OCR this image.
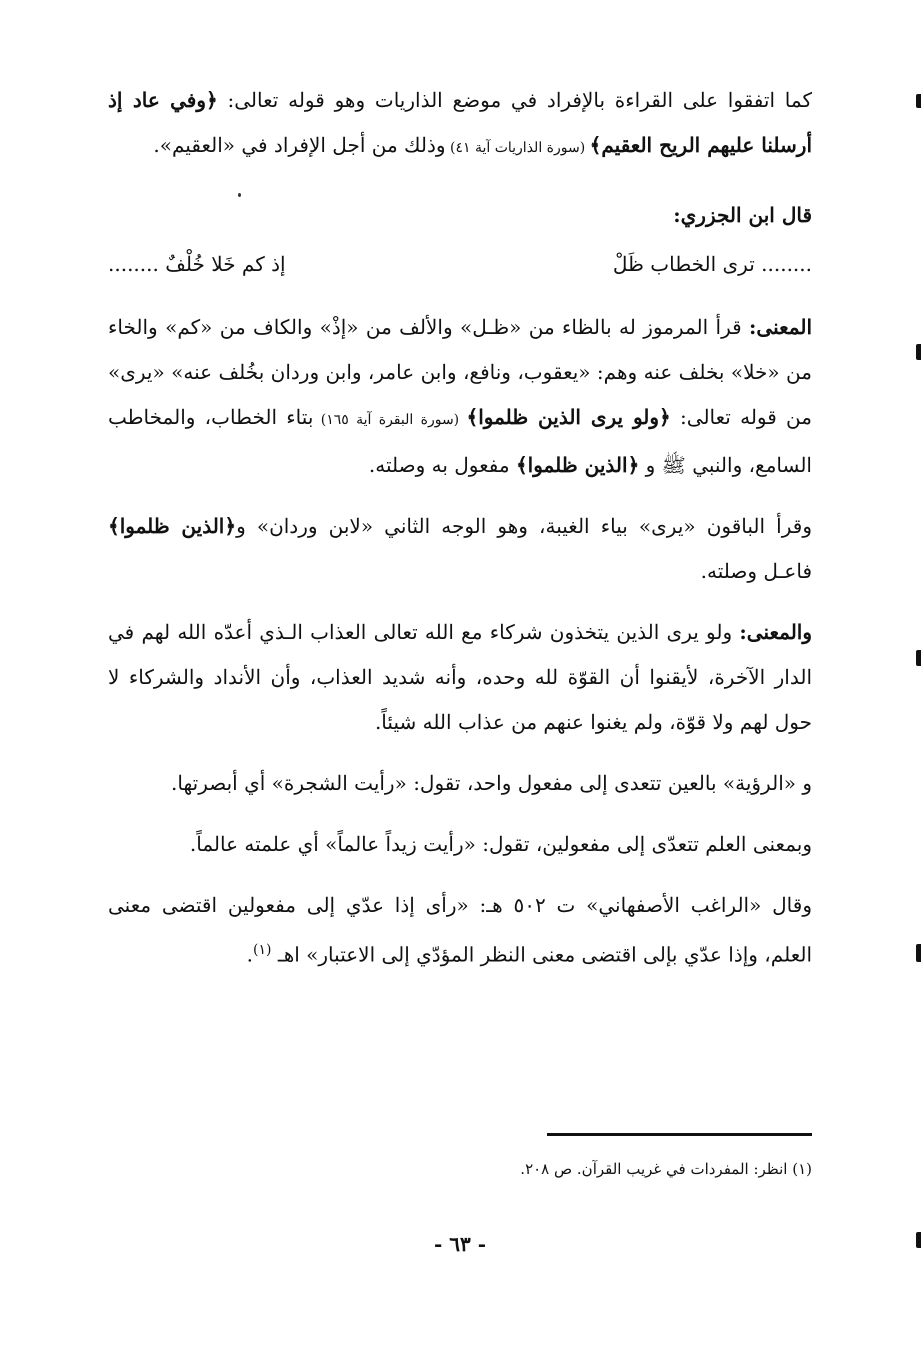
كما اتفقوا على القراءة بالإفراد في موضع الذاريات وهو قوله تعالى: ﴿وفي عاد إذ أرسلنا عليهم الريح العقيم﴾ (سورة الذاريات آية ٤١) وذلك من أجل الإفراد في «العقيم».

قال ابن الجزري:

........ ترى الخطاب ظَلْ
إذ كم خَلا خُلْفٌ ........

المعنى: قرأ المرموز له بالظاء من «ظـل» والألف من «إذْ» والكاف من «كم» والخاء من «خلا» بخلف عنه وهم: «يعقوب، ونافع، وابن عامر، وابن وردان بخُلف عنه» «يرى» من قوله تعالى: ﴿ولو يرى الذين ظلموا﴾ (سورة البقرة آية ١٦٥) بتاء الخطاب، والمخاطب السامع، والنبي ﷺ و ﴿الذين ظلموا﴾ مفعول به وصلته.

وقرأ الباقون «يرى» بياء الغيبة، وهو الوجه الثاني «لابن وردان» و﴿الذين ظلموا﴾ فاعـل وصلته.

والمعنى: ولو يرى الذين يتخذون شركاء مع الله تعالى العذاب الـذي أعدّه الله لهم في الدار الآخرة، لأيقنوا أن القوّة لله وحده، وأنه شديد العذاب، وأن الأنداد والشركاء لا حول لهم ولا قوّة، ولم يغنوا عنهم من عذاب الله شيئاً.

و «الرؤية» بالعين تتعدى إلى مفعول واحد، تقول: «رأيت الشجرة» أي أبصرتها.

وبمعنى العلم تتعدّى إلى مفعولين، تقول: «رأيت زيداً عالماً» أي علمته عالماً.

وقال «الراغب الأصفهاني» ت ٥٠٢ هـ: «رأى إذا عدّي إلى مفعولين اقتضى معنى العلم، وإذا عدّي بإلى اقتضى معنى النظر المؤدّي إلى الاعتبار» اهـ $^{(١)}$.

(١) انظر: المفردات في غريب القرآن. ص ٢٠٨.

- ٦٣ -
